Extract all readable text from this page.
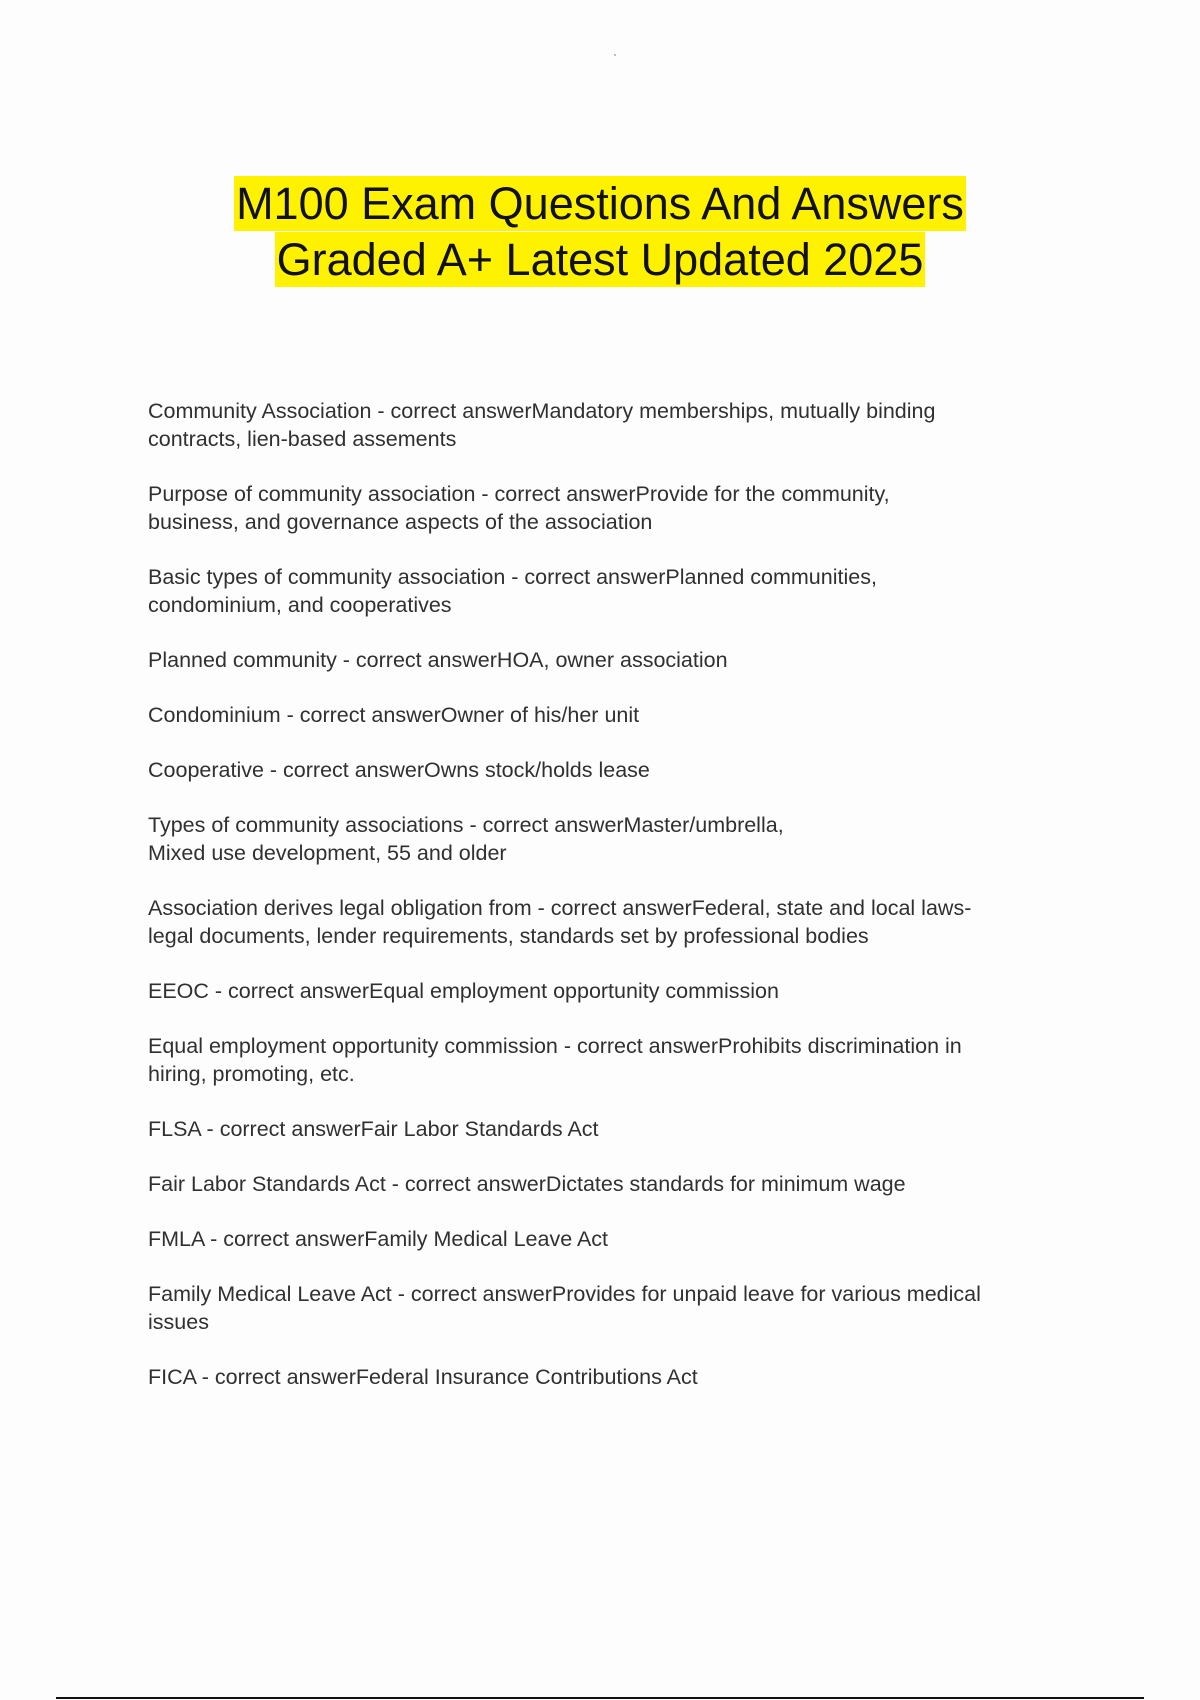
M100 Exam Questions And Answers
Graded A+ Latest Updated 2025
Community Association - correct answerMandatory memberships, mutually binding
contracts, lien-based assements
Purpose of community association - correct answerProvide for the community,
business, and governance aspects of the association
Basic types of community association - correct answerPlanned communities,
condominium, and cooperatives
Planned community - correct answerHOA, owner association
Condominium - correct answerOwner of his/her unit
Cooperative - correct answerOwns stock/holds lease
Types of community associations - correct answerMaster/umbrella,
Mixed use development, 55 and older
Association derives legal obligation from - correct answerFederal, state and local laws-
legal documents, lender requirements, standards set by professional bodies
EEOC - correct answerEqual employment opportunity commission
Equal employment opportunity commission - correct answerProhibits discrimination in
hiring, promoting, etc.
FLSA - correct answerFair Labor Standards Act
Fair Labor Standards Act - correct answerDictates standards for minimum wage
FMLA - correct answerFamily Medical Leave Act
Family Medical Leave Act - correct answerProvides for unpaid leave for various medical
issues
FICA - correct answerFederal Insurance Contributions Act
